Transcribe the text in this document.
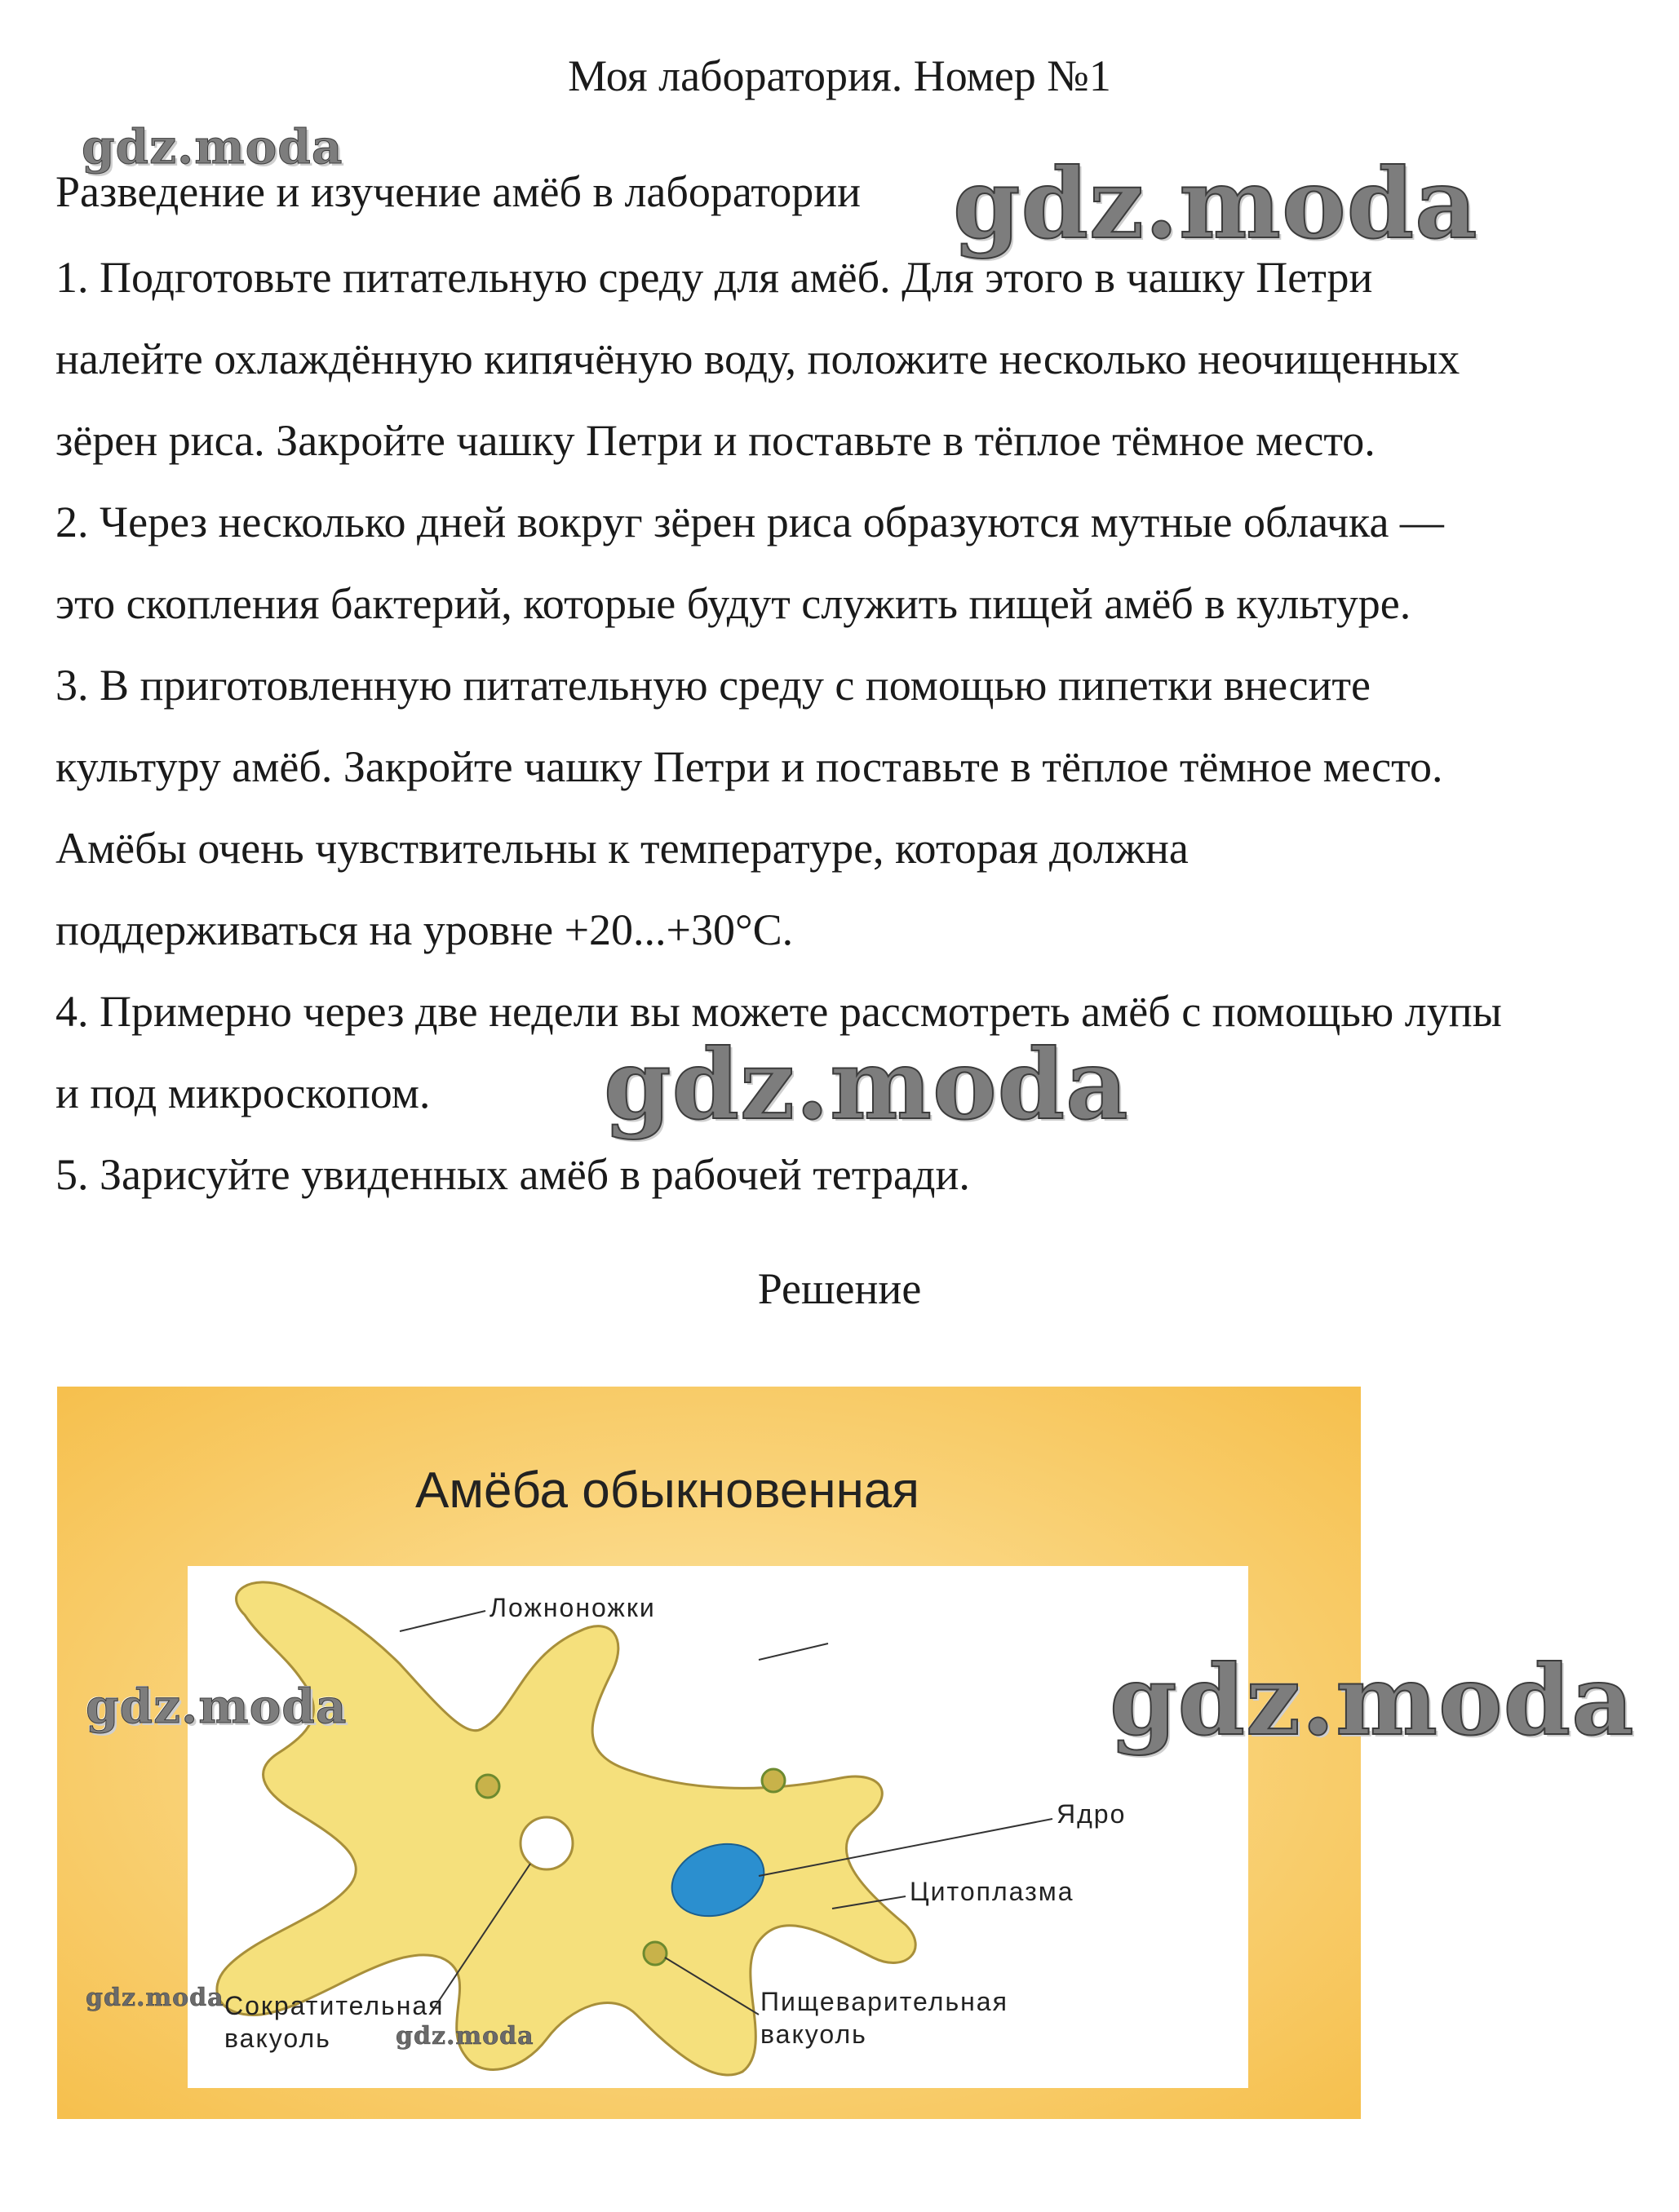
Моя лаборатория. Номер №1
Разведение и изучение амёб в лаборатории
1. Подготовьте питательную среду для амёб. Для этого в чашку Петри
налейте охлаждённую кипячёную воду, положите несколько неочищенных
зёрен риса. Закройте чашку Петри и поставьте в тёплое тёмное место.
2. Через несколько дней вокруг зёрен риса образуются мутные облачка —
это скопления бактерий, которые будут служить пищей амёб в культуре.
3. В приготовленную питательную среду с помощью пипетки внесите
культуру амёб. Закройте чашку Петри и поставьте в тёплое тёмное место.
Амёбы очень чувствительны к температуре, которая должна
поддерживаться на уровне +20...+30°C.
4. Примерно через две недели вы можете рассмотреть амёб с помощью лупы
и под микроскопом.
5. Зарисуйте увиденных амёб в рабочей тетради.
Решение
Амёба обыкновенная
Ложноножки
Ядро
Цитоплазма
Сократительная
вакуоль
Пищеварительная
вакуоль
gdz.moda	gdz.moda
gdz.moda
gdz.moda	gdz.moda
gdz.moda
gdz.moda
